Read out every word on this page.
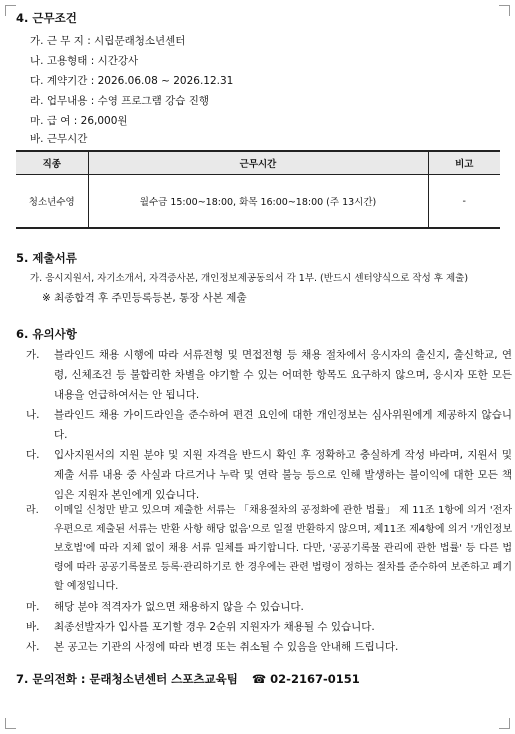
4. 근무조건
가. 근 무 지 : 시립문래청소년센터
나. 고용형태 : 시간강사
다. 계약기간 : 2026.06.08 ~ 2026.12.31
라. 업무내용 : 수영 프로그램 강습 진행
마. 급 여 : 26,000원
바. 근무시간
직종	근무시간	비고
청소년수영	월수금 15:00~18:00, 화목 16:00~18:00 (주 13시간)	-
5. 제출서류
가. 응시지원서, 자기소개서, 자격증사본, 개인정보제공동의서 각 1부. (반드시 센터양식으로 작성 후 제출)
※ 최종합격 후 주민등록등본, 통장 사본 제출
6. 유의사항
가. 블라인드 채용 시행에 따라 서류전형 및 면접전형 등 채용 절차에서 응시자의 출신지, 출신학교, 연령, 신체조건 등 불합리한 차별을 야기할 수 있는 어떠한 항목도 요구하지 않으며, 응시자 또한 모든 내용을 언급하여서는 안 됩니다.
나. 블라인드 채용 가이드라인을 준수하여 편견 요인에 대한 개인정보는 심사위원에게 제공하지 않습니다.
다. 입사지원서의 지원 분야 및 지원 자격을 반드시 확인 후 정확하고 충실하게 작성 바라며, 지원서 및 제출 서류 내용 중 사실과 다르거나 누락 및 연락 불능 등으로 인해 발생하는 불이익에 대한 모든 책임은 지원자 본인에게 있습니다.
라. 이메일 신청만 받고 있으며 제출한 서류는 「채용절차의 공정화에 관한 법률」 제 11조 1항에 의거 '전자우편으로 제출된 서류는 반환 사항 해당 없음'으로 일절 반환하지 않으며, 제11조 제4항에 의거 '개인정보 보호법'에 따라 지체 없이 채용 서류 일체를 파기합니다. 다만, '공공기록물 관리에 관한 법률' 등 다른 법령에 따라 공공기록물로 등록·관리하기로 한 경우에는 관련 법령이 정하는 절차를 준수하여 보존하고 폐기할 예정입니다.
마. 해당 분야 적격자가 없으면 채용하지 않을 수 있습니다.
바. 최종선발자가 입사를 포기할 경우 2순위 지원자가 채용될 수 있습니다.
사. 본 공고는 기관의 사정에 따라 변경 또는 취소될 수 있음을 안내해 드립니다.
7. 문의전화 : 문래청소년센터 스포츠교육팀 ☎ 02-2167-0151
